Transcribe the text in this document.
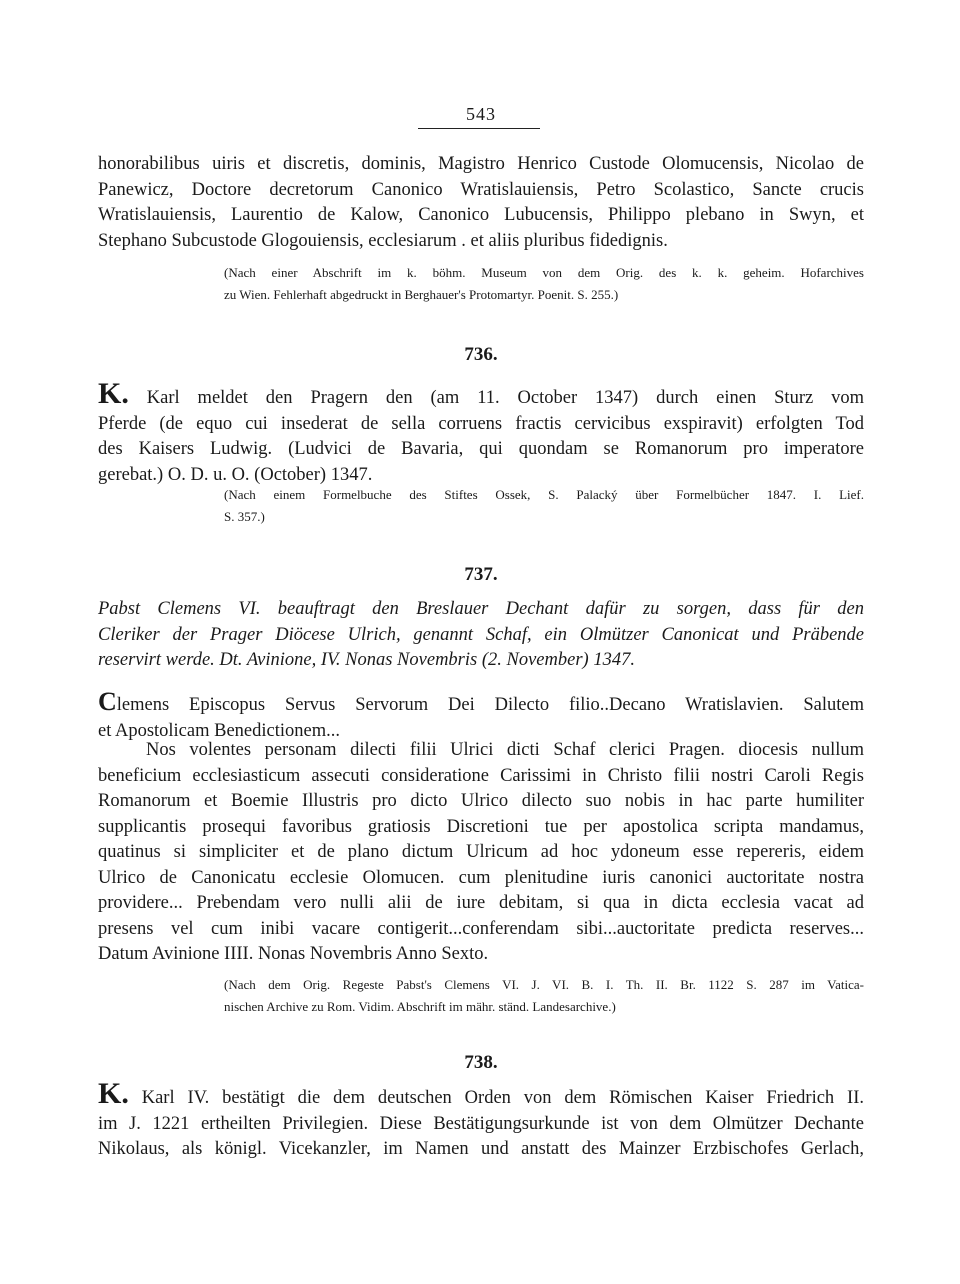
543
honorabilibus uiris et discretis, dominis, Magistro Henrico Custode Olomucensis, Nicolao de
Panewicz, Doctore decretorum Canonico Wratislauiensis, Petro Scolastico, Sancte crucis
Wratislauiensis, Laurentio de Kalow, Canonico Lubucensis, Philippo plebano in Swyn, et
Stephano Subcustode Glogouiensis, ecclesiarum . et aliis pluribus fidedignis.
(Nach einer Abschrift im k. böhm. Museum von dem Orig. des k. k. geheim. Hofarchives
zu Wien. Fehlerhaft abgedruckt in Berghauer's Protomartyr. Poenit. S. 255.)
736.
K. Karl meldet den Pragern den (am 11. October 1347) durch einen Sturz vom
Pferde (de equo cui insederat de sella corruens fractis cervicibus exspiravit) erfolgten Tod
des Kaisers Ludwig. (Ludvici de Bavaria, qui quondam se Romanorum pro imperatore
gerebat.) O. D. u. O. (October) 1347.
(Nach einem Formelbuche des Stiftes Ossek, S. Palacký über Formelbücher 1847. I. Lief.
S. 357.)
737.
Pabst Clemens VI. beauftragt den Breslauer Dechant dafür zu sorgen, dass für den
Cleriker der Prager Diöcese Ulrich, genannt Schaf, ein Olmützer Canonicat und Präbende
reservirt werde. Dt. Avinione, IV. Nonas Novembris (2. November) 1347.
Clemens Episcopus Servus Servorum Dei Dilecto filio..Decano Wratislavien. Salutem
et Apostolicam Benedictionem...
Nos volentes personam dilecti filii Ulrici dicti Schaf clerici Pragen. diocesis nullum
beneficium ecclesiasticum assecuti consideratione Carissimi in Christo filii nostri Caroli Regis
Romanorum et Boemie Illustris pro dicto Ulrico dilecto suo nobis in hac parte humiliter
supplicantis prosequi favoribus gratiosis Discretioni tue per apostolica scripta mandamus,
quatinus si simpliciter et de plano dictum Ulricum ad hoc ydoneum esse repereris, eidem
Ulrico de Canonicatu ecclesie Olomucen. cum plenitudine iuris canonici auctoritate nostra
providere... Prebendam vero nulli alii de iure debitam, si qua in dicta ecclesia vacat ad
presens vel cum inibi vacare contigerit...conferendam sibi...auctoritate predicta reserves...
Datum Avinione IIII. Nonas Novembris Anno Sexto.
(Nach dem Orig. Regeste Pabst's Clemens VI. J. VI. B. I. Th. II. Br. 1122 S. 287 im Vatica-
nischen Archive zu Rom. Vidim. Abschrift im mähr. ständ. Landesarchive.)
738.
K. Karl IV. bestätigt die dem deutschen Orden von dem Römischen Kaiser Friedrich II.
im J. 1221 ertheilten Privilegien. Diese Bestätigungsurkunde ist von dem Olmützer Dechante
Nikolaus, als königl. Vicekanzler, im Namen und anstatt des Mainzer Erzbischofes Gerlach,
